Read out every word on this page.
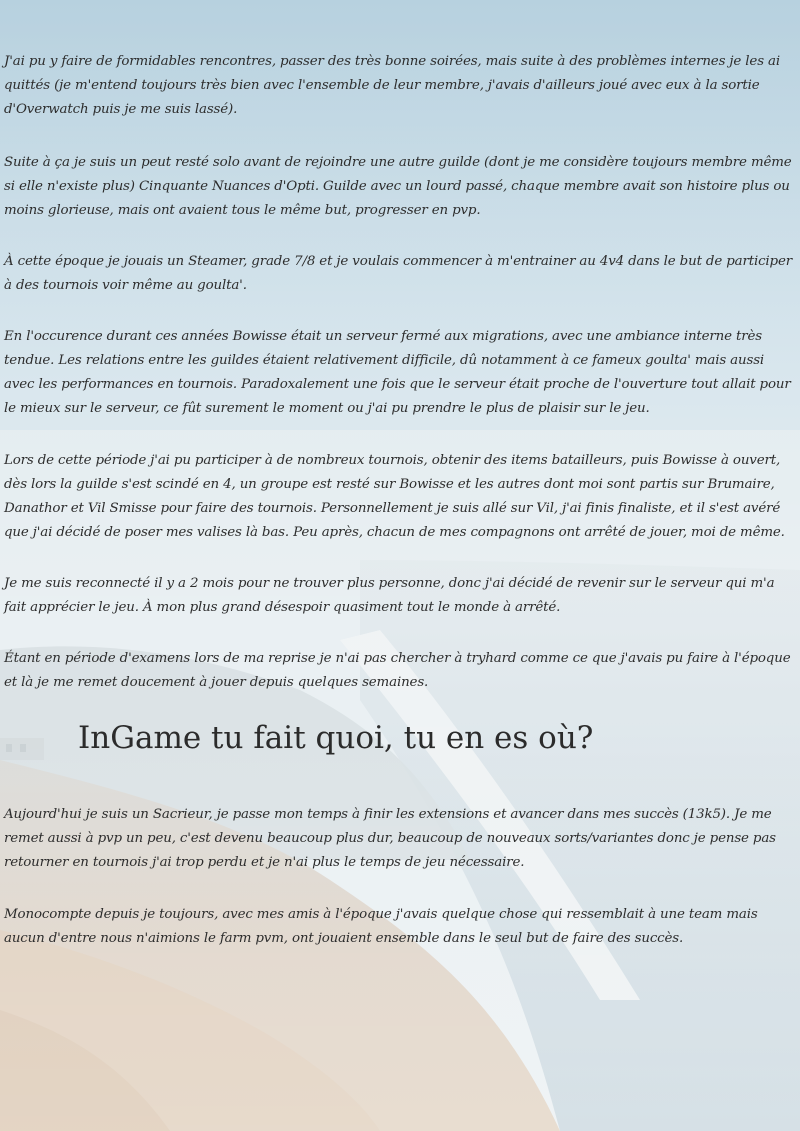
J'ai pu y faire de formidables rencontres, passer des très bonne soirées, mais suite à des problèmes internes je les ai quittés (je m'entend toujours très bien avec l'ensemble de leur membre, j'avais d'ailleurs joué avec eux à la sortie d'Overwatch puis je me suis lassé).

Suite à ça je suis un peut resté solo avant de rejoindre une autre guilde (dont je me considère toujours membre même si elle n'existe plus) Cinquante Nuances d'Opti. Guilde avec un lourd passé, chaque membre avait son histoire plus ou moins glorieuse, mais ont avaient tous le même but, progresser en pvp.

À cette époque je jouais un Steamer, grade 7/8 et je voulais commencer à m'entrainer au 4v4 dans le but de participer à des tournois voir même au goulta'.

En l'occurence durant ces années Bowisse était un serveur fermé aux migrations, avec une ambiance interne très tendue. Les relations entre les guildes étaient relativement difficile, dû notamment à ce fameux goulta' mais aussi avec les performances en tournois. Paradoxalement une fois que le serveur était proche de l'ouverture tout allait pour le mieux sur le serveur, ce fût surement le moment ou j'ai pu prendre le plus de plaisir sur le jeu.

Lors de cette période j'ai pu participer à de nombreux tournois, obtenir des items batailleurs, puis Bowisse à ouvert, dès lors la guilde s'est scindé en 4, un groupe est resté sur Bowisse et les autres dont moi sont partis sur Brumaire, Danathor et Vil Smisse pour faire des tournois. Personnellement je suis allé sur Vil, j'ai finis finaliste, et il s'est avéré que j'ai décidé de poser mes valises là bas. Peu après, chacun de mes compagnons ont arrêté de jouer, moi de même.

Je me suis reconnecté il y a 2 mois pour ne trouver plus personne, donc j'ai décidé de revenir sur le serveur qui m'a fait apprécier le jeu. À mon plus grand désespoir quasiment tout le monde à arrêté.

Étant en période d'examens lors de ma reprise je n'ai pas chercher à tryhard comme ce que j'avais pu faire à l'époque et là je me remet doucement à jouer depuis quelques semaines.

InGame tu fait quoi, tu en es où?

Aujourd'hui je suis un Sacrieur, je passe mon temps à finir les extensions et avancer dans mes succès (13k5). Je me remet aussi à pvp un peu, c'est devenu beaucoup plus dur, beaucoup de nouveaux sorts/variantes donc je pense pas retourner en tournois j'ai trop perdu et je n'ai plus le temps de jeu nécessaire.

Monocompte depuis je toujours, avec mes amis à l'époque j'avais quelque chose qui ressemblait à une team mais aucun d'entre nous n'aimions le farm pvm, ont jouaient ensemble dans le seul but de faire des succès.
